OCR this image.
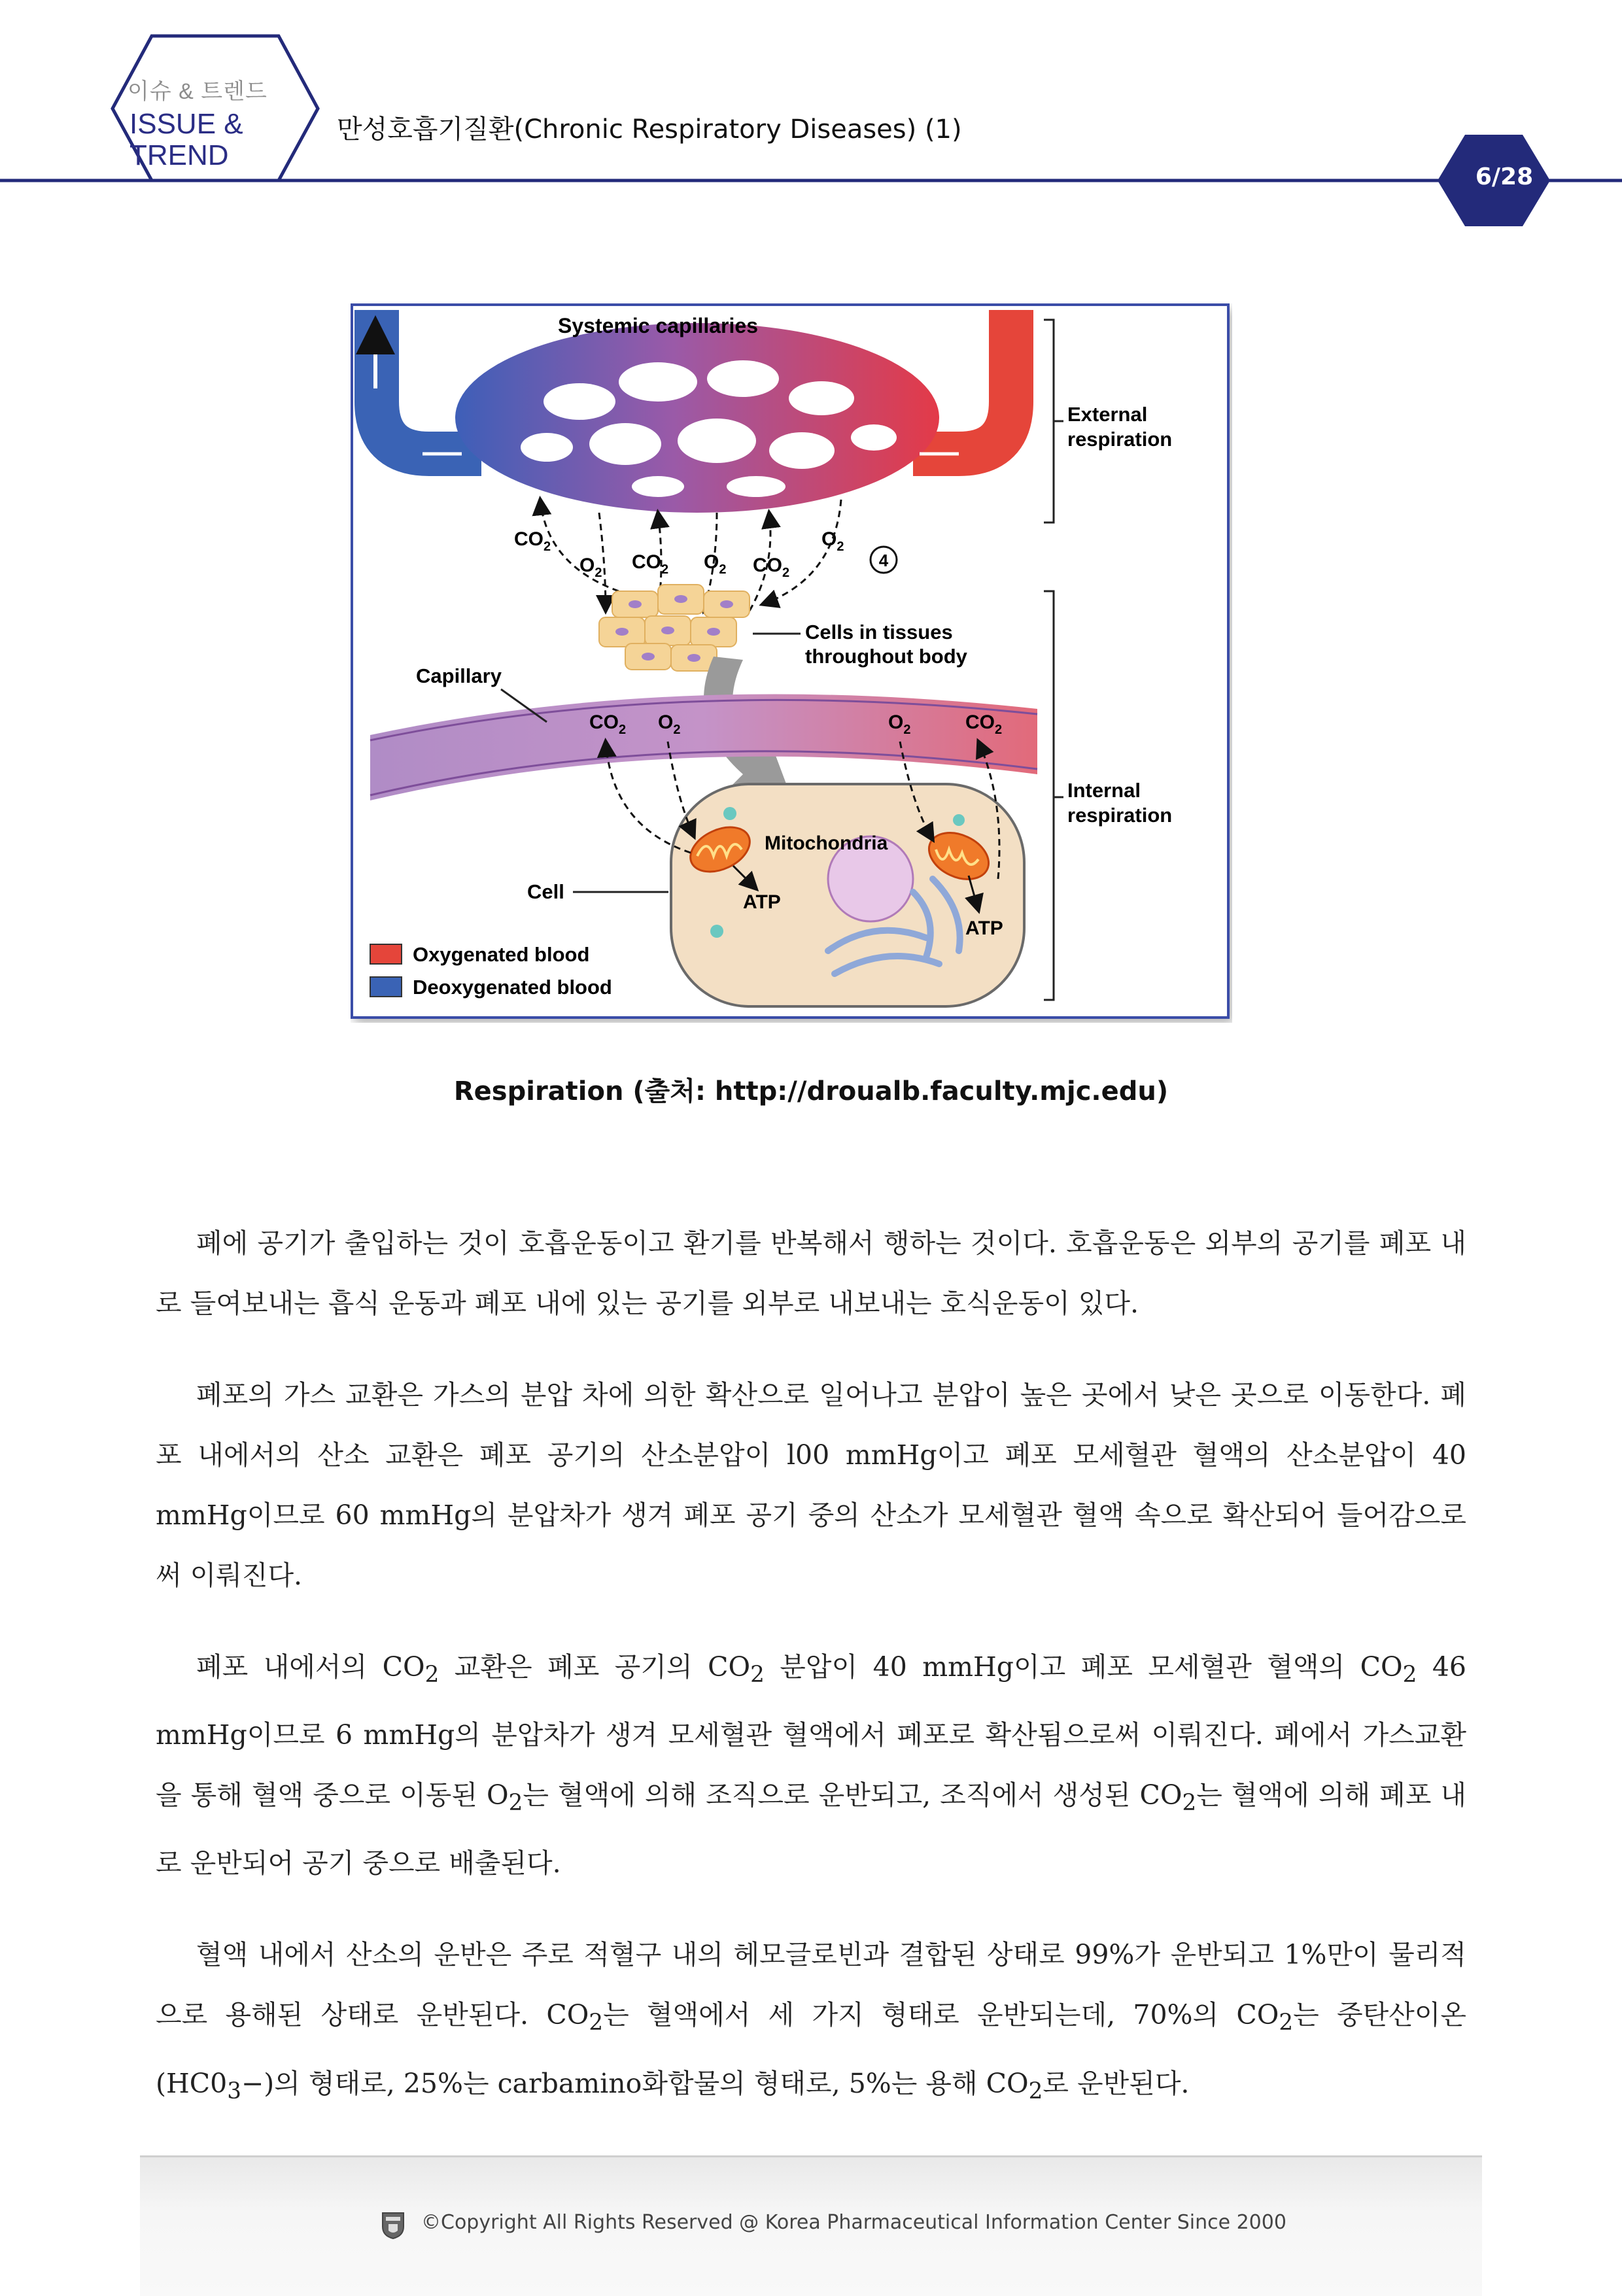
이슈 & 트렌드
ISSUE &
TREND
만성호흡기질환(Chronic Respiratory Diseases) (1)
6/28
Systemic capillaries
External
respiration
$CO_2$
$O_2$ $CO_2$ $O_2$ $CO_2$
$O_2$
4
Cells in tissues
throughout body
Capillary
Internal
respiration
$CO_2$ $O_2$	$O_2$	$CO_2$
Mitochondria
ATP
ATP
Cell
Oxygenated blood
Deoxygenated blood
Respiration (출처: http://droualb.faculty.mjc.edu)

폐에 공기가 출입하는 것이 호흡운동이고 환기를 반복해서 행하는 것이다. 호흡운동은 외부의 공기를 폐포 내로 들여보내는 흡식 운동과 폐포 내에 있는 공기를 외부로 내보내는 호식운동이 있다.

폐포의 가스 교환은 가스의 분압 차에 의한 확산으로 일어나고 분압이 높은 곳에서 낮은 곳으로 이동한다. 폐포 내에서의 산소 교환은 폐포 공기의 산소분압이 l00 mmHg이고 폐포 모세혈관 혈액의 산소분압이 40 mmHg이므로 60 mmHg의 분압차가 생겨 폐포 공기 중의 산소가 모세혈관 혈액 속으로 확산되어 들어감으로써 이뤄진다.

폐포 내에서의 $CO_2$ 교환은 폐포 공기의 $CO_2$ 분압이 40 mmHg이고 폐포 모세혈관 혈액의 $CO_2$ 46 mmHg이므로 6 mmHg의 분압차가 생겨 모세혈관 혈액에서 폐포로 확산됨으로써 이뤄진다. 폐에서 가스교환을 통해 혈액 중으로 이동된 $O_2$는 혈액에 의해 조직으로 운반되고, 조직에서 생성된 $CO_2$는 혈액에 의해 폐포 내로 운반되어 공기 중으로 배출된다.

혈액 내에서 산소의 운반은 주로 적혈구 내의 헤모글로빈과 결합된 상태로 99%가 운반되고 1%만이 물리적으로 용해된 상태로 운반된다. $CO_2$는 혈액에서 세 가지 형태로 운반되는데, 70%의 $CO_2$는 중탄산이온 $(HC0_3-)$의 형태로, 25%는 carbamino화합물의 형태로, 5%는 용해 $CO_2$로 운반된다.

©Copyright All Rights Reserved @ Korea Pharmaceutical Information Center Since 2000
